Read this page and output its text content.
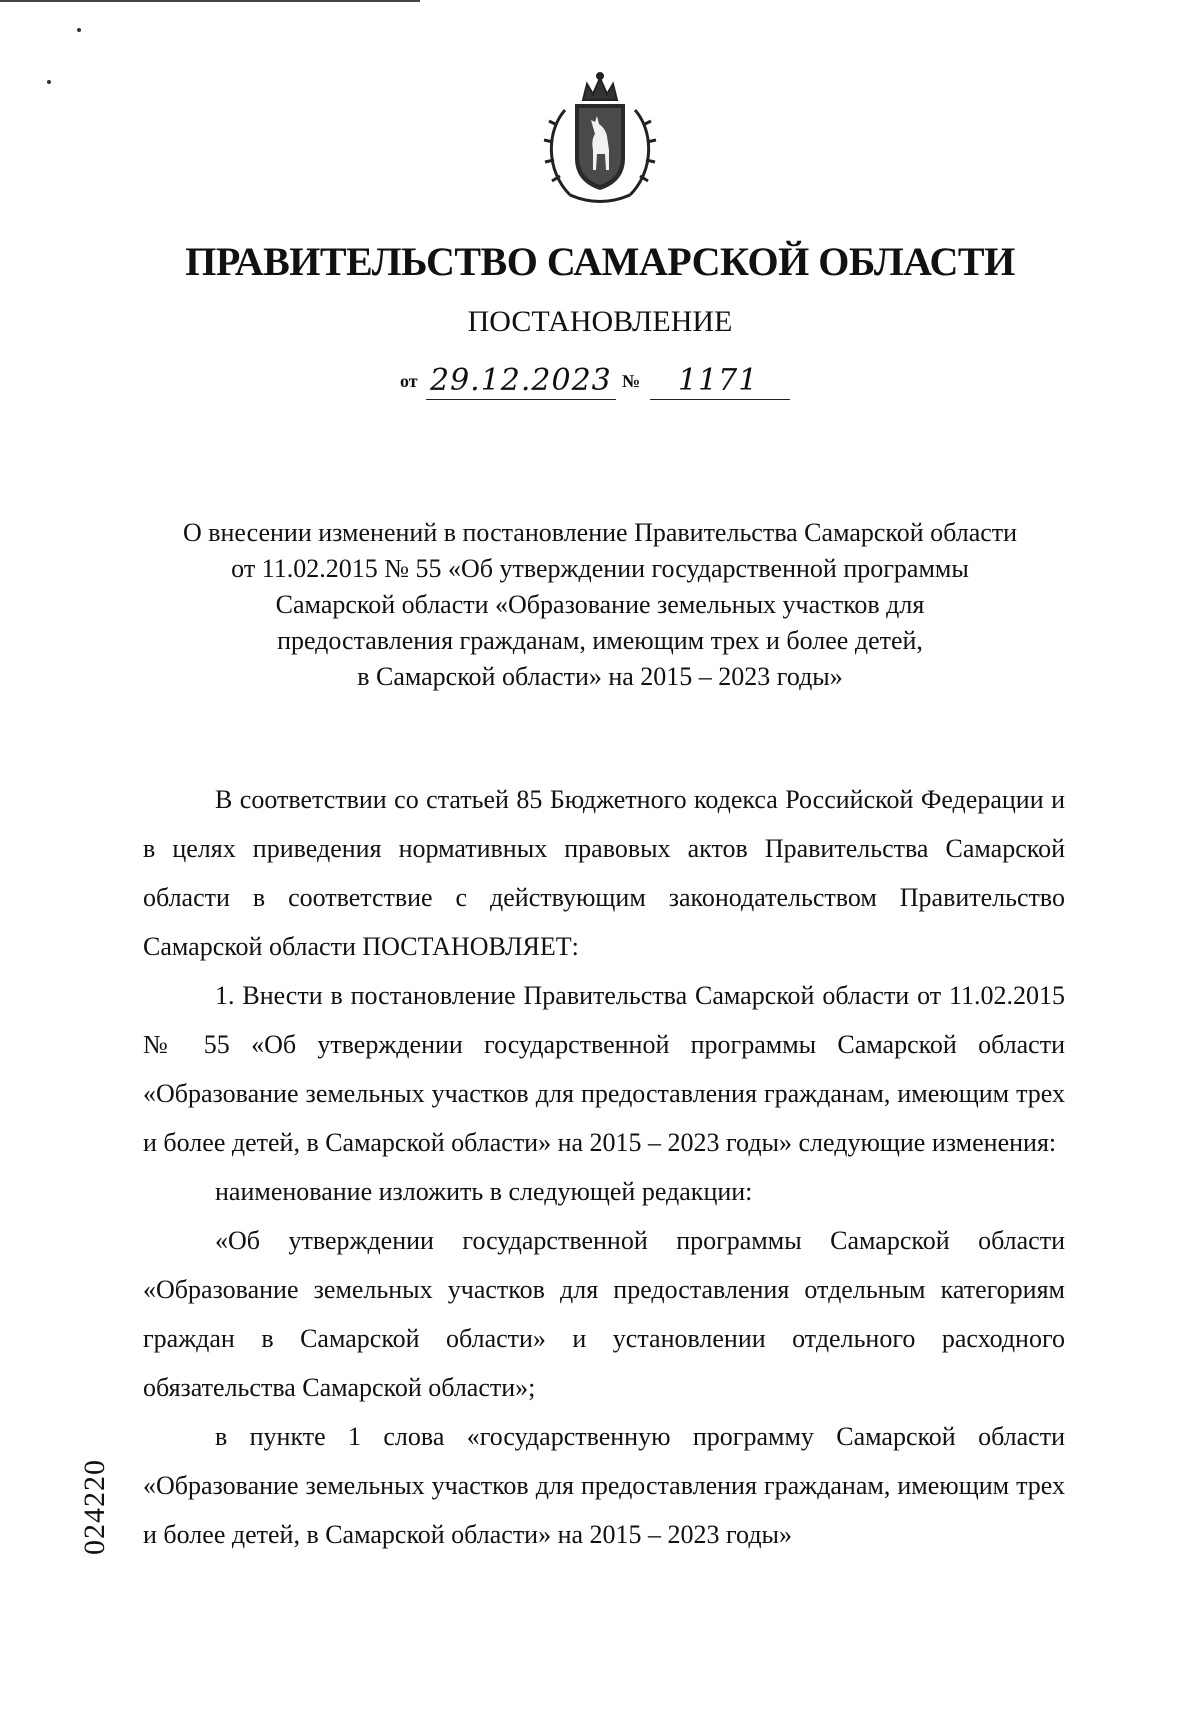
ПРАВИТЕЛЬСТВО САМАРСКОЙ ОБЛАСТИ
ПОСТАНОВЛЕНИЕ
от 29.12.2023 № 1171
О внесении изменений в постановление Правительства Самарской области
от 11.02.2015 № 55 «Об утверждении государственной программы
Самарской области «Образование земельных участков для
предоставления гражданам, имеющим трех и более детей,
в Самарской области» на 2015 – 2023 годы»

В соответствии со статьей 85 Бюджетного кодекса Российской Федерации и в целях приведения нормативных правовых актов Правительства Самарской области в соответствие с действующим законодательством Правительство Самарской области ПОСТАНОВЛЯЕТ:

1. Внести в постановление Правительства Самарской области от 11.02.2015 № 55 «Об утверждении государственной программы Самарской области «Образование земельных участков для предоставления гражданам, имеющим трех и более детей, в Самарской области» на 2015 – 2023 годы» следующие изменения:

наименование изложить в следующей редакции:

«Об утверждении государственной программы Самарской области «Образование земельных участков для предоставления отдельным категориям граждан в Самарской области» и установлении отдельного расходного обязательства Самарской области»;

в пункте 1 слова «государственную программу Самарской области «Образование земельных участков для предоставления гражданам, имеющим трех и более детей, в Самарской области» на 2015 – 2023 годы»

024220
